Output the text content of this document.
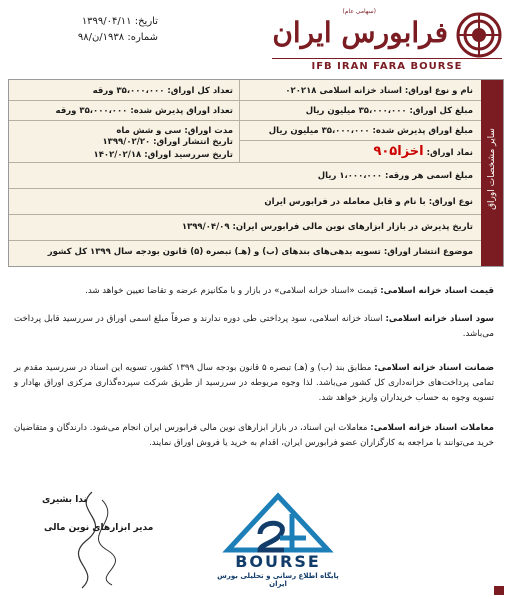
(سهامی عام)
فرابورس ایران
IFB IRAN FARA BOURSE
تاریخ: ۱۳۹۹/۰۴/۱۱
شماره: ۱۹۳۸/ن/۹۸
سایر مشخصات اوراق
نام و نوع اوراق: اسناد خزانه اسلامی ۰۲۰۲۱۸
تعداد کل اوراق: ۳۵،۰۰۰،۰۰۰ ورقه
مبلغ کل اوراق: ۳۵،۰۰۰،۰۰۰ میلیون ریال
تعداد اوراق پذیرش شده: ۳۵،۰۰۰،۰۰۰ ورقه
مبلغ اوراق پذیرش شده: ۳۵،۰۰۰،۰۰۰ میلیون ریال
مدت اوراق: سی و شش ماه
نماد اوراق: اخزا۹۰۵
تاریخ انتشار اوراق: ۱۳۹۹/۰۲/۲۰
تاریخ سررسید اوراق: ۱۴۰۲/۰۲/۱۸
مبلغ اسمی هر ورقه: ۱،۰۰۰،۰۰۰ ریال
نوع اوراق: با نام و قابل معامله در فرابورس ایران
تاریخ پذیرش در بازار ابزارهای نوین مالی فرابورس ایران: ۱۳۹۹/۰۴/۰۹
موضوع انتشار اوراق: تسویه بدهی‌های بندهای (ب) و (هـ) تبصره (۵) قانون بودجه سال ۱۳۹۹ کل کشور
قیمت اسناد خزانه اسلامی: قیمت «اسناد خزانه اسلامی» در بازار و با مکانیزم عرضه و تقاضا تعیین خواهد شد.
سود اسناد خزانه اسلامی: اسناد خزانه اسلامی، سود پرداختی طی دوره ندارند و صرفاً مبلغ اسمی اوراق در سررسید قابل پرداخت می‌باشد.
ضمانت اسناد خزانه اسلامی: مطابق بند (ب) و (هـ) تبصره ۵ قانون بودجه سال ۱۳۹۹ کشور، تسویه این اسناد در سررسید مقدم بر تمامی پرداخت‌های خزانه‌داری کل کشور می‌باشد. لذا وجوه مربوطه در سررسید از طریق شرکت سپرده‌گذاری مرکزی اوراق بهادار و تسویه وجوه به حساب خریداران واریز خواهد شد.
معاملات اسناد خزانه اسلامی: معاملات این اسناد، در بازار ابزارهای نوین مالی فرابورس ایران انجام می‌شود. دارندگان و متقاضیان خرید می‌توانند با مراجعه به کارگزاران عضو فرابورس ایران، اقدام به خرید یا فروش اوراق نمایند.
ندا بشیری
مدیر ابزارهای نوین مالی
BOURSE
پایگاه اطلاع رسانی و تحلیلی بورس ایران
